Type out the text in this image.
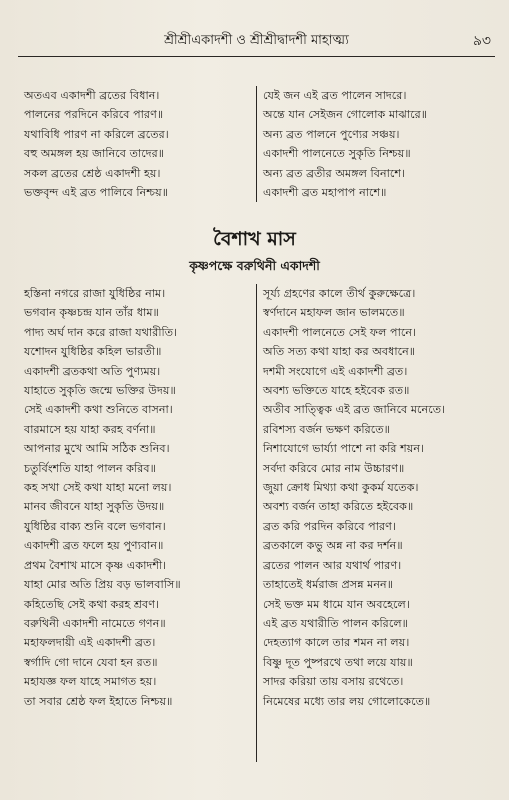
শ্রীশ্রীএকাদশী ও শ্রীশ্রীদ্বাদশী মাহাত্ম্য	৯৩
অতএব একাদশী ব্রতের বিধান।
পালনের পরদিনে করিবে পারণ॥
যথাবিধি পারণ না করিলে ব্রতের।
বহু অমঙ্গল হয় জানিবে তাদের॥
সকল ব্রতের শ্রেষ্ঠ একাদশী হয়।
ভক্তবৃন্দ এই ব্রত পালিবে নিশ্চয়॥
যেই জন এই ব্রত পালেন সাদরে।
অন্তে যান সেইজন গোলোক মাঝারে॥
অন্য ব্রত পালনে পুণ্যের সঞ্চয়।
একাদশী পালনেতে সুকৃতি নিশ্চয়॥
অন্য ব্রত ব্রতীর অমঙ্গল বিনাশে।
একাদশী ব্রত মহাপাপ নাশে॥
বৈশাখ মাস
কৃষ্ণপক্ষে বরুথিনী একাদশী
হস্তিনা নগরে রাজা যুধিষ্ঠির নাম।
ভগবান কৃষ্ণচন্দ্র যান তাঁর ধাম॥
পাদ্য অর্ঘ দান করে রাজা যথারীতি।
যশোদন যুধিষ্ঠির কহিল ভারতী॥
একাদশী ব্রতকথা অতি পুণ্যময়।
যাহাতে সুকৃতি জন্মে ভক্তির উদয়॥
সেই একাদশী কথা শুনিতে বাসনা।
বারমাসে হয় যাহা করহ বর্ণনা॥
আপনার মুখে আমি সঠিক শুনিব।
চতুর্বিংশতি যাহা পালন করিব॥
কহ সখা সেই কথা যাহা মনো লয়।
মানব জীবনে যাহা সুকৃতি উদয়॥
যুধিষ্ঠির বাক্য শুনি বলে ভগবান।
একাদশী ব্রত ফলে হয় পুণ্যবান॥
প্রথম বৈশাখ মাসে কৃষ্ণ একাদশী।
যাহা মোর অতি প্রিয় বড় ভালবাসি॥
কহিতেছি সেই কথা করহ শ্রবণ।
বরুথিনী একাদশী নামেতে গণন॥
মহাফলদায়ী এই একাদশী ব্রত।
স্বর্গাদি গো দানে যেবা হন রত॥
মহাযজ্ঞ ফল যাহে সমাগত হয়।
তা সবার শ্রেষ্ঠ ফল ইহাতে নিশ্চয়॥
সূর্য্য গ্রহণের কালে তীর্থ কুরুক্ষেত্রে।
স্বর্ণদানে মহাফল জান ভালমতে॥
একাদশী পালনেতে সেই ফল পানে।
অতি সত্য কথা যাহা কর অবধানে॥
দশমী সংযোগে এই একাদশী ব্রত।
অবশ্য ভক্তিতে যাহে হইবেক রত॥
অতীব সাত্ত্বিক এই ব্রত জানিবে মনেতে।
রবিশস্য বর্জন ভক্ষণ করিতে॥
নিশাযোগে ভার্য্যা পাশে না করি শয়ন।
সর্বদা করিবে মোর নাম উচ্চারণ॥
জুয়া ক্রোধ মিথ্যা কথা কুকর্ম যতেক।
অবশ্য বর্জন তাহা করিতে হইবেক॥
ব্রত করি পরদিন করিবে পারণ।
ব্রতকালে কভু অন্ন না কর দর্শন॥
ব্রতের পালন আর যথার্থ পারণ।
তাহাতেই ধর্মরাজ প্রসন্ন মনন॥
সেই ভক্ত মম ধামে যান অবহেলে।
এই ব্রত যথারীতি পালন করিলে॥
দেহত্যাগ কালে তার শমন না লয়।
বিষ্ণু দূত পুষ্পরথে তথা লয়ে যায়॥
সাদর করিয়া তায় বসায় রথেতে।
নিমেষের মধ্যে তার লয় গোলোকেতে॥
